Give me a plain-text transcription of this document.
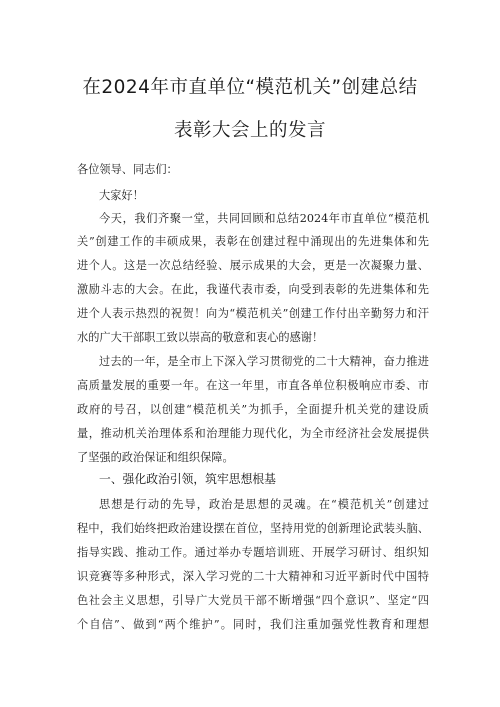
在2024年市直单位“模范机关”创建总结
表彰大会上的发言
各位领导、同志们：
大家好！
今天，我们齐聚一堂，共同回顾和总结2024年市直单位“模范机
关”创建工作的丰硕成果，表彰在创建过程中涌现出的先进集体和先
进个人。这是一次总结经验、展示成果的大会，更是一次凝聚力量、
激励斗志的大会。在此，我谨代表市委，向受到表彰的先进集体和先
进个人表示热烈的祝贺！向为“模范机关”创建工作付出辛勤努力和汗
水的广大干部职工致以崇高的敬意和衷心的感谢！
过去的一年，是全市上下深入学习贯彻党的二十大精神，奋力推进
高质量发展的重要一年。在这一年里，市直各单位积极响应市委、市
政府的号召，以创建“模范机关”为抓手，全面提升机关党的建设质
量，推动机关治理体系和治理能力现代化，为全市经济社会发展提供
了坚强的政治保证和组织保障。
一、强化政治引领，筑牢思想根基
思想是行动的先导，政治是思想的灵魂。在“模范机关”创建过
程中，我们始终把政治建设摆在首位，坚持用党的创新理论武装头脑、
指导实践、推动工作。通过举办专题培训班、开展学习研讨、组织知
识竞赛等多种形式，深入学习党的二十大精神和习近平新时代中国特
色社会主义思想，引导广大党员干部不断增强“四个意识”、坚定“四
个自信”、做到“两个维护”。同时，我们注重加强党性教育和理想
